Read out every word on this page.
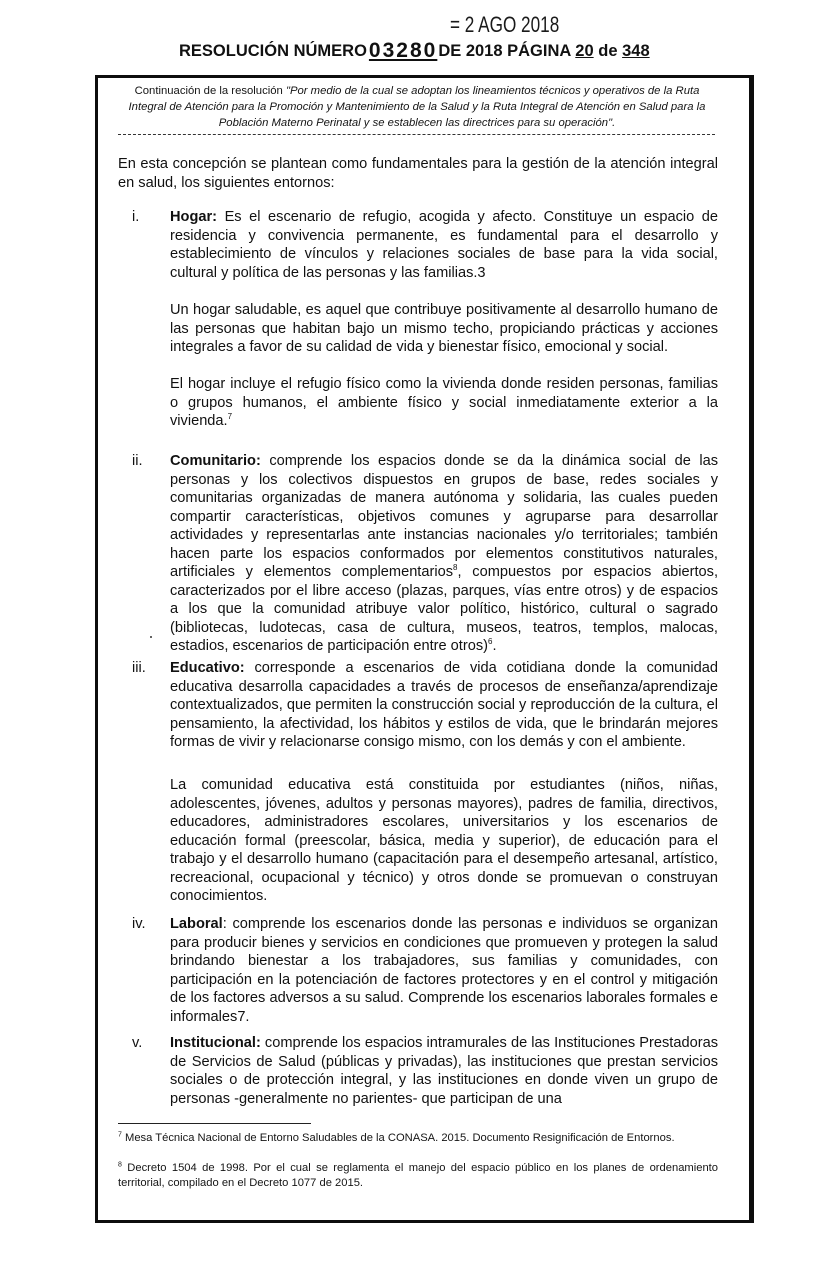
= 2 AGO 2018
RESOLUCIÓN NÚMERO03280DE 2018 PÁGINA 20 de 348
Continuación de la resolución "Por medio de la cual se adoptan los lineamientos técnicos y operativos de la Ruta Integral de Atención para la Promoción y Mantenimiento de la Salud y la Ruta Integral de Atención en Salud para la Población Materno Perinatal y se establecen las directrices para su operación".
En esta concepción se plantean como fundamentales para la gestión de la atención integral en salud, los siguientes entornos:
i. Hogar: Es el escenario de refugio, acogida y afecto. Constituye un espacio de residencia y convivencia permanente, es fundamental para el desarrollo y establecimiento de vínculos y relaciones sociales de base para la vida social, cultural y política de las personas y las familias.3
Un hogar saludable, es aquel que contribuye positivamente al desarrollo humano de las personas que habitan bajo un mismo techo, propiciando prácticas y acciones integrales a favor de su calidad de vida y bienestar físico, emocional y social.
El hogar incluye el refugio físico como la vivienda donde residen personas, familias o grupos humanos, el ambiente físico y social inmediatamente exterior a la vivienda.$^7$
ii. Comunitario: comprende los espacios donde se da la dinámica social de las personas y los colectivos dispuestos en grupos de base, redes sociales y comunitarias organizadas de manera autónoma y solidaria, las cuales pueden compartir características, objetivos comunes y agruparse para desarrollar actividades y representarlas ante instancias nacionales y/o territoriales; también hacen parte los espacios conformados por elementos constitutivos naturales, artificiales y elementos complementarios$^8$, compuestos por espacios abiertos, caracterizados por el libre acceso (plazas, parques, vías entre otros) y de espacios a los que la comunidad atribuye valor político, histórico, cultural o sagrado (bibliotecas, ludotecas, casa de cultura, museos, teatros, templos, malocas, estadios, escenarios de participación entre otros)$^6$.
iii. Educativo: corresponde a escenarios de vida cotidiana donde la comunidad educativa desarrolla capacidades a través de procesos de enseñanza/aprendizaje contextualizados, que permiten la construcción social y reproducción de la cultura, el pensamiento, la afectividad, los hábitos y estilos de vida, que le brindarán mejores formas de vivir y relacionarse consigo mismo, con los demás y con el ambiente.
La comunidad educativa está constituida por estudiantes (niños, niñas, adolescentes, jóvenes, adultos y personas mayores), padres de familia, directivos, educadores, administradores escolares, universitarios y los escenarios de educación formal (preescolar, básica, media y superior), de educación para el trabajo y el desarrollo humano (capacitación para el desempeño artesanal, artístico, recreacional, ocupacional y técnico) y otros donde se promuevan o construyan conocimientos.
iv. Laboral: comprende los escenarios donde las personas e individuos se organizan para producir bienes y servicios en condiciones que promueven y protegen la salud brindando bienestar a los trabajadores, sus familias y comunidades, con participación en la potenciación de factores protectores y en el control y mitigación de los factores adversos a su salud. Comprende los escenarios laborales formales e informales7.
v. Institucional: comprende los espacios intramurales de las Instituciones Prestadoras de Servicios de Salud (públicas y privadas), las instituciones que prestan servicios sociales o de protección integral, y las instituciones en donde viven un grupo de personas -generalmente no parientes- que participan de una
$^7$ Mesa Técnica Nacional de Entorno Saludables de la CONASA. 2015. Documento Resignificación de Entornos.
$^8$ Decreto 1504 de 1998. Por el cual se reglamenta el manejo del espacio público en los planes de ordenamiento territorial, compilado en el Decreto 1077 de 2015.
